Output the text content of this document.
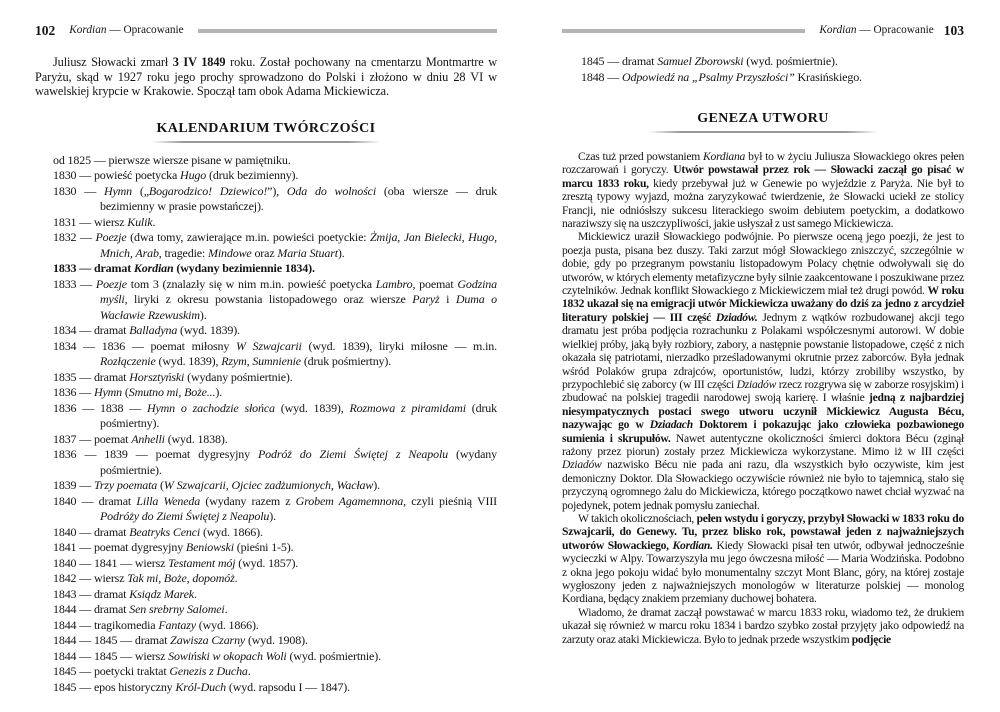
102 Kordian — Opracowanie

Juliusz Słowacki zmarł 3 IV 1849 roku. Został pochowany na cmentarzu Montmartre w Paryżu, skąd w 1927 roku jego prochy sprowadzono do Polski i złożono w dniu 28 VI w wawelskiej krypcie w Krakowie. Spoczął tam obok Adama Mickiewicza.

KALENDARIUM TWÓRCZOŚCI
od 1825 — pierwsze wiersze pisane w pamiętniku.
1830 — powieść poetycka Hugo (druk bezimienny).
1830 — Hymn („Bogarodzico! Dziewico!”), Oda do wolności (oba wiersze — druk bezimienny w prasie powstańczej).
1831 — wiersz Kulik.
1832 — Poezje (dwa tomy, zawierające m.in. powieści poetyckie: Żmija, Jan Bielecki, Hugo, Mnich, Arab, tragedie: Mindowe oraz Maria Stuart).
1833 — dramat Kordian (wydany bezimiennie 1834).
1833 — Poezje tom 3 (znalazły się w nim m.in. powieść poetycka Lambro, poemat Godzina myśli, liryki z okresu powstania listopadowego oraz wiersze Paryż i Duma o Wacławie Rzewuskim).
1834 — dramat Balladyna (wyd. 1839).
1834 — 1836 — poemat miłosny W Szwajcarii (wyd. 1839), liryki miłosne — m.in. Rozłączenie (wyd. 1839), Rzym, Sumnienie (druk pośmiertny).
1835 — dramat Horsztyński (wydany pośmiertnie).
1836 — Hymn (Smutno mi, Boże...).
1836 — 1838 — Hymn o zachodzie słońca (wyd. 1839), Rozmowa z piramidami (druk pośmiertny).
1837 — poemat Anhelli (wyd. 1838).
1836 — 1839 — poemat dygresyjny Podróż do Ziemi Świętej z Neapolu (wydany pośmiertnie).
1839 — Trzy poemata (W Szwajcarii, Ojciec zadżumionych, Wacław).
1840 — dramat Lilla Weneda (wydany razem z Grobem Agamemnona, czyli pieśnią VIII Podróży do Ziemi Świętej z Neapolu).
1840 — dramat Beatryks Cenci (wyd. 1866).
1841 — poemat dygresyjny Beniowski (pieśni 1-5).
1840 — 1841 — wiersz Testament mój (wyd. 1857).
1842 — wiersz Tak mi, Boże, dopomóż.
1843 — dramat Ksiądz Marek.
1844 — dramat Sen srebrny Salomei.
1844 — tragikomedia Fantazy (wyd. 1866).
1844 — 1845 — dramat Zawisza Czarny (wyd. 1908).
1844 — 1845 — wiersz Sowiński w okopach Woli (wyd. pośmiertnie).
1845 — poetycki traktat Genezis z Ducha.
1845 — epos historyczny Król-Duch (wyd. rapsodu I — 1847).
Kordian — Opracowanie 103
1845 — dramat Samuel Zborowski (wyd. pośmiertnie).
1848 — Odpowiedź na „Psalmy Przyszłości” Krasińskiego.
GENEZA UTWORU

Czas tuż przed powstaniem Kordiana był to w życiu Juliusza Słowackiego okres pełen rozczarowań i goryczy. Utwór powstawał przez rok — Słowacki zaczął go pisać w marcu 1833 roku, kiedy przebywał już w Genewie po wyjeździe z Paryża. Nie był to zresztą typowy wyjazd, można zaryzykować twierdzenie, że Słowacki uciekł ze stolicy Francji, nie odniósłszy sukcesu literackiego swoim debiutem poetyckim, a dodatkowo naraziwszy się na uszczypliwości, jakie usłyszał z ust samego Mickiewicza.

Mickiewicz uraził Słowackiego podwójnie. Po pierwsze oceną jego poezji, że jest to poezja pusta, pisana bez duszy. Taki zarzut mógł Słowackiego zniszczyć, szczególnie w dobie, gdy po przegranym powstaniu listopadowym Polacy chętnie odwoływali się do utworów, w których elementy metafizyczne były silnie zaakcentowane i poszukiwane przez czytelników. Jednak konflikt Słowackiego z Mickiewiczem miał też drugi powód. W roku 1832 ukazał się na emigracji utwór Mickiewicza uważany do dziś za jedno z arcydzieł literatury polskiej — III część Dziadów. Jednym z wątków rozbudowanej akcji tego dramatu jest próba podjęcia rozrachunku z Polakami współczesnymi autorowi. W dobie wielkiej próby, jaką były rozbiory, zabory, a następnie powstanie listopadowe, część z nich okazała się patriotami, nierzadko prześladowanymi okrutnie przez zaborców. Była jednak wśród Polaków grupa zdrajców, oportunistów, ludzi, którzy zrobiliby wszystko, by przypochlebić się zaborcy (w III części Dziadów rzecz rozgrywa się w zaborze rosyjskim) i zbudować na polskiej tragedii narodowej swoją karierę. I właśnie jedną z najbardziej niesympatycznych postaci swego utworu uczynił Mickiewicz Augusta Bécu, nazywając go w Dziadach Doktorem i pokazując jako człowieka pozbawionego sumienia i skrupułów. Nawet autentyczne okoliczności śmierci doktora Bécu (zginął rażony przez piorun) zostały przez Mickiewicza wykorzystane. Mimo iż w III części Dziadów nazwisko Bécu nie pada ani razu, dla wszystkich było oczywiste, kim jest demoniczny Doktor. Dla Słowackiego oczywiście również nie było to tajemnicą, stało się przyczyną ogromnego żalu do Mickiewicza, którego początkowo nawet chciał wyzwać na pojedynek, potem jednak pomysłu zaniechał.

W takich okolicznościach, pełen wstydu i goryczy, przybył Słowacki w 1833 roku do Szwajcarii, do Genewy. Tu, przez blisko rok, powstawał jeden z najważniejszych utworów Słowackiego, Kordian. Kiedy Słowacki pisał ten utwór, odbywał jednocześnie wycieczki w Alpy. Towarzyszyła mu jego ówczesna miłość — Maria Wodzińska. Podobno z okna jego pokoju widać było monumentalny szczyt Mont Blanc, góry, na której zostaje wygłoszony jeden z najważniejszych monologów w literaturze polskiej — monolog Kordiana, będący znakiem przemiany duchowej bohatera.

Wiadomo, że dramat zaczął powstawać w marcu 1833 roku, wiadomo też, że drukiem ukazał się również w marcu roku 1834 i bardzo szybko został przyjęty jako odpowiedź na zarzuty oraz ataki Mickiewicza. Było to jednak przede wszystkim podjęcie
